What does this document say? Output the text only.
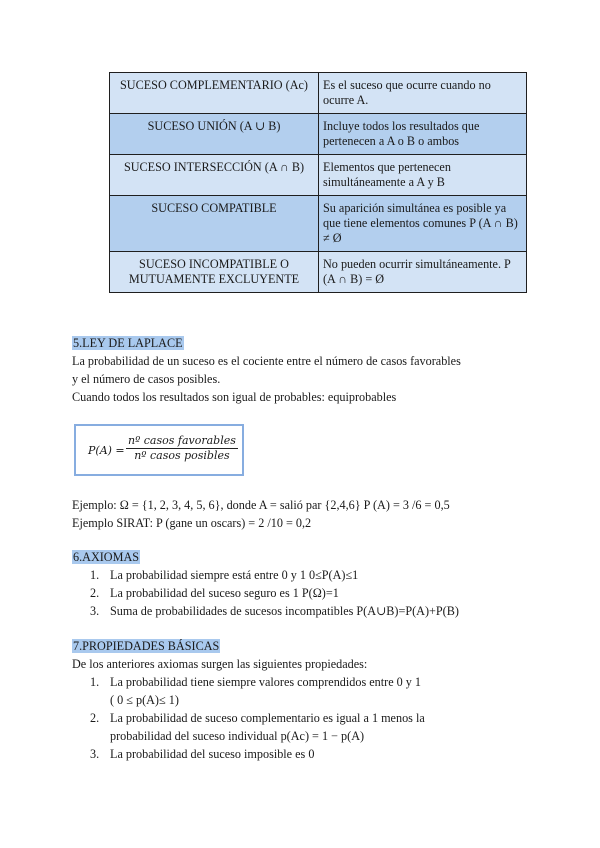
SUCESO COMPLEMENTARIO (Ac)	Es el suceso que ocurre cuando no ocurre A.
SUCESO UNIÓN (A ∪ B)	Incluye todos los resultados que pertenecen a A o B o ambos
SUCESO INTERSECCIÓN (A ∩ B)	Elementos que pertenecen simultáneamente a A y B
SUCESO COMPATIBLE	Su aparición simultánea es posible ya que tiene elementos comunes P (A ∩ B) ≠ Ø
SUCESO INCOMPATIBLE O MUTUAMENTE EXCLUYENTE	No pueden ocurrir simultáneamente. P (A ∩ B) = Ø
5.LEY DE LAPLACE
La probabilidad de un suceso es el cociente entre el número de casos favorables
y el número de casos posibles.
Cuando todos los resultados son igual de probables: equiprobables
P(A) =
nº casos favorables
nº casos posibles
Ejemplo: Ω = {1, 2, 3, 4, 5, 6}, donde A = salió par {2,4,6} P (A) = 3 /6 = 0,5
Ejemplo SIRAT: P (gane un oscars) = 2 /10 = 0,2
6.AXIOMAS
1. La probabilidad siempre está entre 0 y 1 0≤P(A)≤1
2. La probabilidad del suceso seguro es 1 P(Ω)=1
3. Suma de probabilidades de sucesos incompatibles P(A∪B)=P(A)+P(B)
7.PROPIEDADES BÁSICAS
De los anteriores axiomas surgen las siguientes propiedades:
1. La probabilidad tiene siempre valores comprendidos entre 0 y 1
( 0 ≤ p(A)≤ 1)
2. La probabilidad de suceso complementario es igual a 1 menos la
probabilidad del suceso individual p(Ac) = 1 − p(A)
3. La probabilidad del suceso imposible es 0
